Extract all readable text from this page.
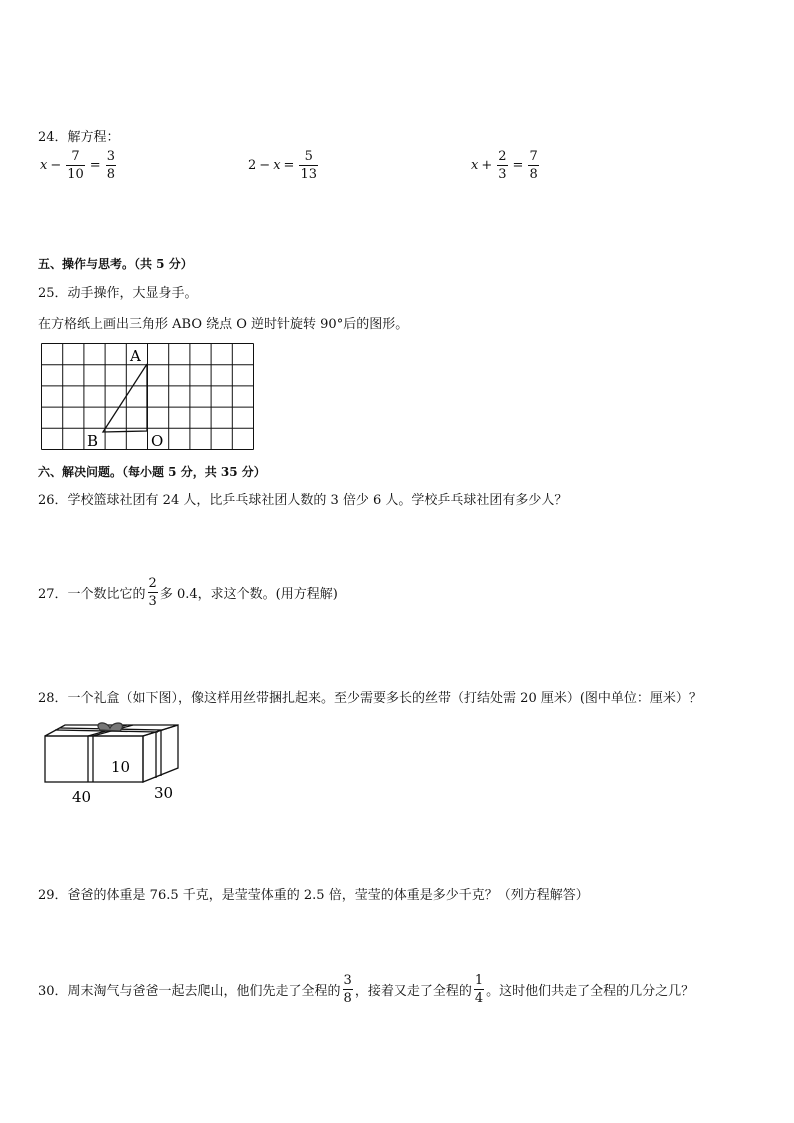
24．解方程：
$x - \frac{7}{10} = \frac{3}{8}$	$2 - x = \frac{5}{13}$	$x + \frac{2}{3} = \frac{7}{8}$
五、操作与思考。（共 5 分）
25．动手操作，大显身手。
在方格纸上画出三角形 ABO 绕点 O 逆时针旋转 90°后的图形。
A
B	O
六、解决问题。（每小题 5 分，共 35 分）
26．学校篮球社团有 24 人，比乒乓球社团人数的 3 倍少 6 人。学校乒乓球社团有多少人？
27．一个数比它的 $\frac{2}{3}$ 多 0.4，求这个数。(用方程解)
28．一个礼盒（如下图），像这样用丝带捆扎起来。至少需要多长的丝带（打结处需 20 厘米）(图中单位：厘米）？
10
40	30
29．爸爸的体重是 76.5 千克，是莹莹体重的 2.5 倍，莹莹的体重是多少千克？（列方程解答）
30．周末淘气与爸爸一起去爬山，他们先走了全程的 $\frac{3}{8}$ ，接着又走了全程的 $\frac{1}{4}$ 。这时他们共走了全程的几分之几？
